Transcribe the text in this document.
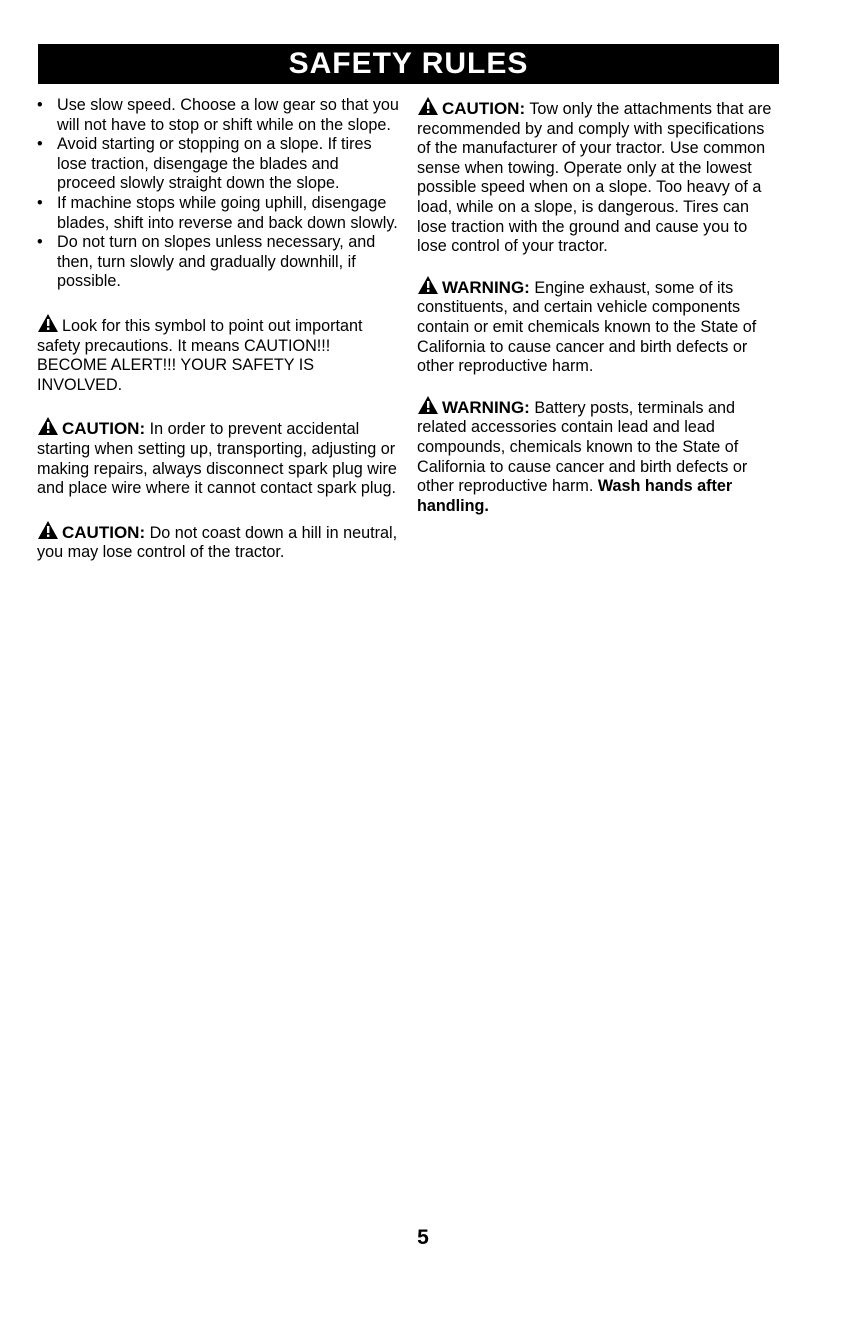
SAFETY RULES
• Use slow speed. Choose a low gear so that you will not have to stop or shift while on the slope.
• Avoid starting or stopping on a slope. If tires lose traction, disengage the blades and proceed slowly straight down the slope.
• If machine stops while going uphill, disengage blades, shift into reverse and back down slowly.
• Do not turn on slopes unless necessary, and then, turn slowly and gradually downhill, if possible.

Look for this symbol to point out important safety precautions. It means CAUTION!!! BECOME ALERT!!! YOUR SAFETY IS INVOLVED.

CAUTION: In order to prevent accidental starting when setting up, transporting, adjusting or making repairs, always disconnect spark plug wire and place wire where it cannot contact spark plug.

CAUTION: Do not coast down a hill in neutral, you may lose control of the tractor.

CAUTION: Tow only the attachments that are recommended by and comply with specifications of the manufacturer of your tractor. Use common sense when towing. Operate only at the lowest possible speed when on a slope. Too heavy of a load, while on a slope, is dangerous. Tires can lose traction with the ground and cause you to lose control of your tractor.

WARNING: Engine exhaust, some of its constituents, and certain vehicle components contain or emit chemicals known to the State of California to cause cancer and birth defects or other reproductive harm.

WARNING: Battery posts, terminals and related accessories contain lead and lead compounds, chemicals known to the State of California to cause cancer and birth defects or other reproductive harm. Wash hands after handling.

5
